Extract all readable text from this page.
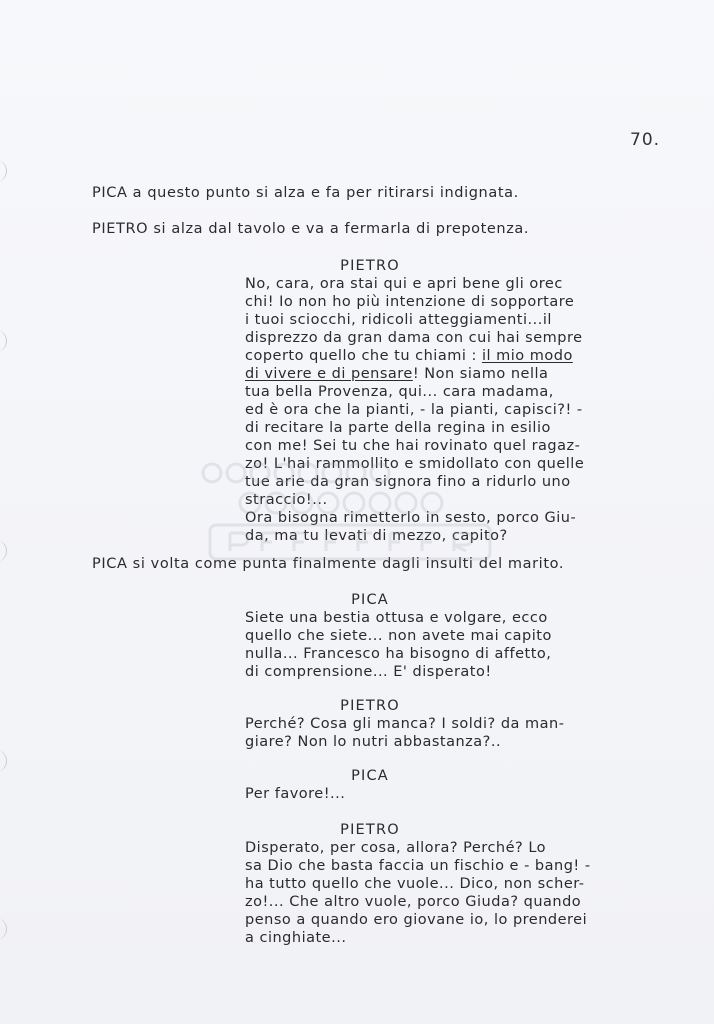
70.
PICA a questo punto si alza e fa per ritirarsi indignata.
PIETRO si alza dal tavolo e va a fermarla di prepotenza.
PIETRO
No, cara, ora stai qui e apri bene gli orec
chi! Io non ho più intenzione di sopportare
i tuoi sciocchi, ridicoli atteggiamenti...il
disprezzo da gran dama con cui hai sempre
coperto quello che tu chiami : il mio modo
di vivere e di pensare! Non siamo nella
tua bella Provenza, qui... cara madama,
ed è ora che la pianti, - la pianti, capisci?! -
di recitare la parte della regina in esilio
con me! Sei tu che hai rovinato quel ragaz-
zo! L'hai rammollito e smidollato con quelle
tue arie da gran signora fino a ridurlo uno
straccio!...
Ora bisogna rimetterlo in sesto, porco Giu-
da, ma tu levati di mezzo, capito?
PICA si volta come punta finalmente dagli insulti del marito.
PICA
Siete una bestia ottusa e volgare, ecco
quello che siete... non avete mai capito
nulla... Francesco ha bisogno di affetto,
di comprensione... E' disperato!
PIETRO
Perché? Cosa gli manca? I soldi? da man-
giare? Non lo nutri abbastanza?..
PICA
Per favore!...
PIETRO
Disperato, per cosa, allora? Perché? Lo
sa Dio che basta faccia un fischio e - bang! -
ha tutto quello che vuole... Dico, non scher-
zo!... Che altro vuole, porco Giuda? quando
penso a quando ero giovane io, lo prenderei
a cinghiate...
